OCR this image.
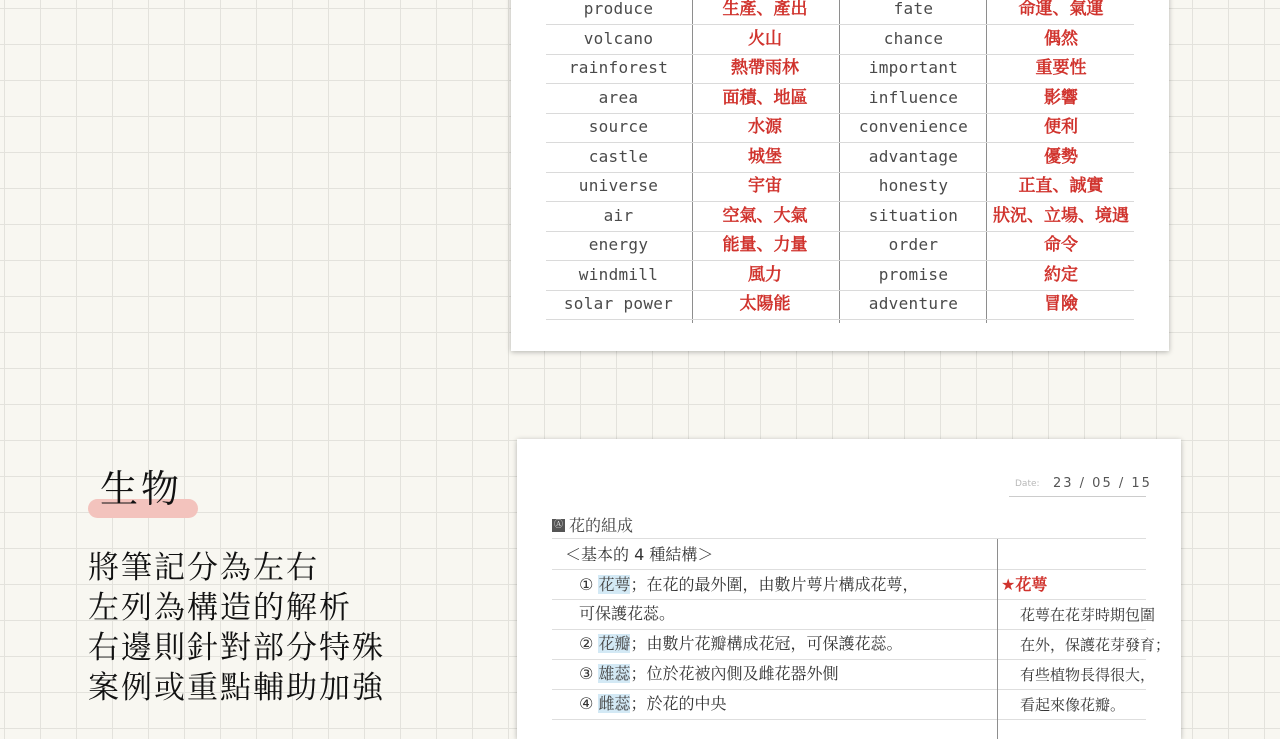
produce	生產、產出	fate	命運、氣運
volcano	火山	chance	偶然
rainforest	熱帶雨林	important	重要性
area	面積、地區	influence	影響
source	水源	convenience	便利
castle	城堡	advantage	優勢
universe	宇宙	honesty	正直、誠實
air	空氣、大氣	situation	狀況、立場、境遇
energy	能量、力量	order	命令
windmill	風力	promise	約定
solar power	太陽能	adventure	冒險
生物
將筆記分為左右
左列為構造的解析
右邊則針對部分特殊
案例或重點輔助加強
Date: 23 / 05 / 15
Ⓐ 花的組成
＜基本的 4 種結構＞
① 花萼；在花的最外圍，由數片萼片構成花萼，
可保護花蕊。
② 花瓣；由數片花瓣構成花冠，可保護花蕊。
③ 雄蕊；位於花被內側及雌花器外側
④ 雌蕊；於花的中央
★花萼
花萼在花芽時期包圍
在外，保護花芽發育；
有些植物長得很大，
看起來像花瓣。
